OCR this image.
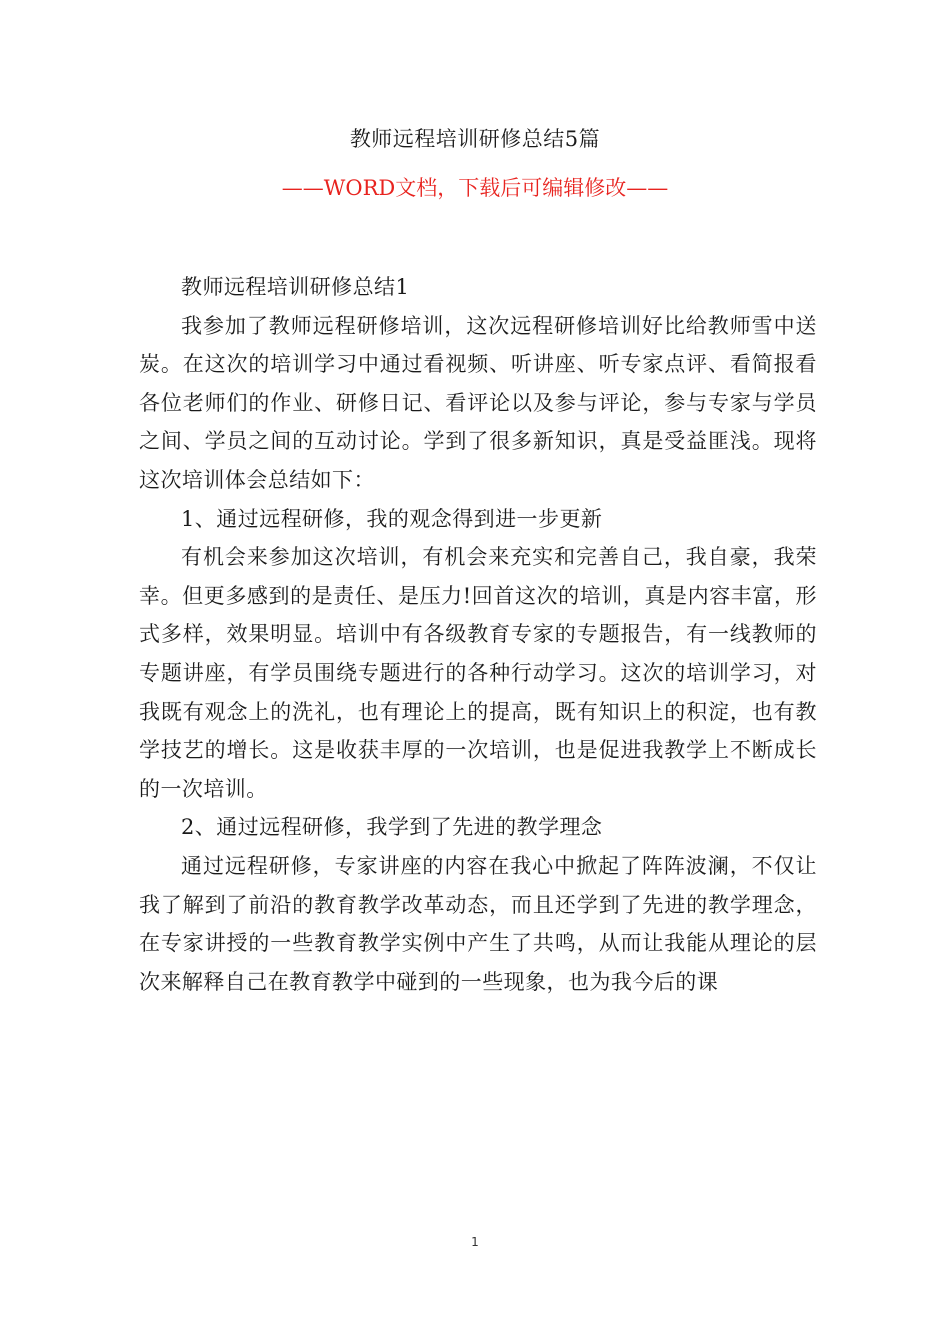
教师远程培训研修总结5篇
——WORD文档，下载后可编辑修改——

教师远程培训研修总结1

我参加了教师远程研修培训，这次远程研修培训好比给教师雪中送炭。在这次的培训学习中通过看视频、听讲座、听专家点评、看简报看各位老师们的作业、研修日记、看评论以及参与评论，参与专家与学员之间、学员之间的互动讨论。学到了很多新知识，真是受益匪浅。现将这次培训体会总结如下：

1、通过远程研修，我的观念得到进一步更新

有机会来参加这次培训，有机会来充实和完善自己，我自豪，我荣幸。但更多感到的是责任、是压力!回首这次的培训，真是内容丰富，形式多样，效果明显。培训中有各级教育专家的专题报告，有一线教师的专题讲座，有学员围绕专题进行的各种行动学习。这次的培训学习，对我既有观念上的洗礼，也有理论上的提高，既有知识上的积淀，也有教学技艺的增长。这是收获丰厚的一次培训，也是促进我教学上不断成长的一次培训。

2、通过远程研修，我学到了先进的教学理念

通过远程研修，专家讲座的内容在我心中掀起了阵阵波澜，不仅让我了解到了前沿的教育教学改革动态，而且还学到了先进的教学理念，在专家讲授的一些教育教学实例中产生了共鸣，从而让我能从理论的层次来解释自己在教育教学中碰到的一些现象，也为我今后的课

1
